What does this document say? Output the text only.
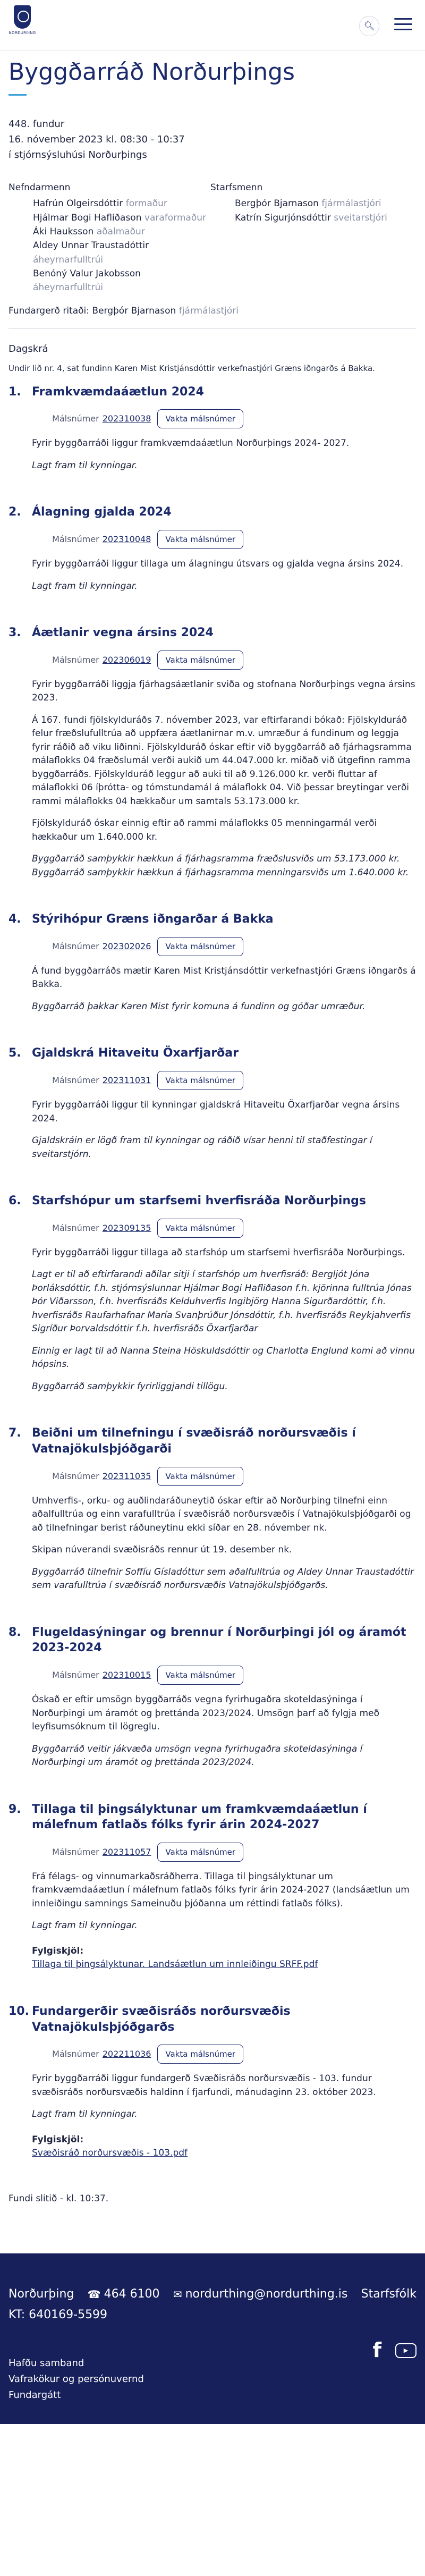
NORÐURÞING
🔍︎
Byggðarráð Norðurþings

448. fundur

16. nóvember 2023 kl. 08:30 - 10:37

í stjórnsýsluhúsi Norðurþings

Nefndarmenn
Hafrún Olgeirsdóttir formaður
Hjálmar Bogi Hafliðason varaformaður
Áki Hauksson aðalmaður
Aldey Unnar Traustadóttir áheyrnarfulltrúi
Benóný Valur Jakobsson áheyrnarfulltrúi
Starfsmenn
Bergþór Bjarnason fjármálastjóri
Katrín Sigurjónsdóttir sveitarstjóri
Fundargerð ritaði: Bergþór Bjarnason fjármálastjóri
Dagskrá
Undir lið nr. 4, sat fundinn Karen Mist Kristjánsdóttir verkefnastjóri Græns iðngarðs á Bakka.
1. Framkvæmdaáætlun 2024
Málsnúmer 202310038	Vakta málsnúmer
Fyrir byggðarráði liggur framkvæmdaáætlun Norðurþings 2024- 2027.
Lagt fram til kynningar.
2. Álagning gjalda 2024
Málsnúmer 202310048	Vakta málsnúmer
Fyrir byggðarráði liggur tillaga um álagningu útsvars og gjalda vegna ársins 2024.
Lagt fram til kynningar.
3. Áætlanir vegna ársins 2024
Málsnúmer 202306019	Vakta málsnúmer
Fyrir byggðarráði liggja fjárhagsáætlanir sviða og stofnana Norðurþings vegna ársins 2023.
Á 167. fundi fjölskylduráðs 7. nóvember 2023, var eftirfarandi bókað: Fjölskylduráð felur fræðslufulltrúa að uppfæra áætlanirnar m.v. umræður á fundinum og leggja fyrir ráðið að viku liðinni. Fjölskylduráð óskar eftir við byggðarráð að fjárhagsramma málaflokks 04 fræðslumál verði aukið um 44.047.000 kr. miðað við útgefinn ramma byggðarráðs. Fjölskylduráð leggur að auki til að 9.126.000 kr. verði fluttar af málaflokki 06 íþrótta- og tómstundamál á málaflokk 04. Við þessar breytingar verði rammi málaflokks 04 hækkaður um samtals 53.173.000 kr.
Fjölskylduráð óskar einnig eftir að rammi málaflokks 05 menningarmál verði hækkaður um 1.640.000 kr.
Byggðarráð samþykkir hækkun á fjárhagsramma fræðslusviðs um 53.173.000 kr. Byggðarráð samþykkir hækkun á fjárhagsramma menningarsviðs um 1.640.000 kr.
4. Stýrihópur Græns iðngarðar á Bakka
Málsnúmer 202302026	Vakta málsnúmer
Á fund byggðarráðs mætir Karen Mist Kristjánsdóttir verkefnastjóri Græns iðngarðs á Bakka.
Byggðarráð þakkar Karen Mist fyrir komuna á fundinn og góðar umræður.
5. Gjaldskrá Hitaveitu Öxarfjarðar
Málsnúmer 202311031	Vakta málsnúmer
Fyrir byggðarráði liggur til kynningar gjaldskrá Hitaveitu Öxarfjarðar vegna ársins 2024.
Gjaldskráin er lögð fram til kynningar og ráðið vísar henni til staðfestingar í sveitarstjórn.
6. Starfshópur um starfsemi hverfisráða Norðurþings
Málsnúmer 202309135	Vakta málsnúmer
Fyrir byggðarráði liggur tillaga að starfshóp um starfsemi hverfisráða Norðurþings.
Lagt er til að eftirfarandi aðilar sitji í starfshóp um hverfisráð: Bergljót Jóna Þorláksdóttir, f.h. stjórnsýslunnar Hjálmar Bogi Hafliðason f.h. kjörinna fulltrúa Jónas Þór Viðarsson, f.h. hverfisráðs Kelduhverfis Ingibjörg Hanna Sigurðardóttir, f.h. hverfisráðs Raufarhafnar María Svanþrúður Jónsdóttir, f.h. hverfisráðs Reykjahverfis Sigríður Þorvaldsdóttir f.h. hverfisráðs Öxarfjarðar
Einnig er lagt til að Nanna Steina Höskuldsdóttir og Charlotta Englund komi að vinnu hópsins.
Byggðarráð samþykkir fyrirliggjandi tillögu.
7. Beiðni um tilnefningu í svæðisráð norðursvæðis í Vatnajökulsþjóðgarði
Málsnúmer 202311035	Vakta málsnúmer
Umhverfis-, orku- og auðlindaráðuneytið óskar eftir að Norðurþing tilnefni einn aðalfulltrúa og einn varafulltrúa í svæðisráð norðursvæðis í Vatnajökulsþjóðgarði og að tilnefningar berist ráðuneytinu ekki síðar en 28. nóvember nk.
Skipan núverandi svæðisráðs rennur út 19. desember nk.
Byggðarráð tilnefnir Soffíu Gísladóttur sem aðalfulltrúa og Aldey Unnar Traustadóttir sem varafulltrúa í svæðisráð norðursvæðis Vatnajökulsþjóðgarðs.
8. Flugeldasýningar og brennur í Norðurþingi jól og áramót 2023-2024
Málsnúmer 202310015	Vakta málsnúmer
Óskað er eftir umsögn byggðarráðs vegna fyrirhugaðra skoteldasýninga í Norðurþingi um áramót og þrettánda 2023/2024. Umsögn þarf að fylgja með leyfisumsóknum til lögreglu.
Byggðarráð veitir jákvæða umsögn vegna fyrirhugaðra skoteldasýninga í Norðurþingi um áramót og þrettánda 2023/2024.
9. Tillaga til þingsályktunar um framkvæmdaáætlun í málefnum fatlaðs fólks fyrir árin 2024-2027
Málsnúmer 202311057	Vakta málsnúmer
Frá félags- og vinnumarkaðsráðherra. Tillaga til þingsályktunar um framkvæmdaáætlun í málefnum fatlaðs fólks fyrir árin 2024-2027 (landsáætlun um innleiðingu samnings Sameinuðu þjóðanna um réttindi fatlaðs fólks).
Lagt fram til kynningar.
Fylgiskjöl:
Tillaga til þingsályktunar. Landsáætlun um innleiðingu SRFF.pdf
10. Fundargerðir svæðisráðs norðursvæðis Vatnajökulsþjóðgarðs
Málsnúmer 202211036	Vakta málsnúmer
Fyrir byggðarráði liggur fundargerð Svæðisráðs norðursvæðis - 103. fundur svæðisráðs norðursvæðis haldinn í fjarfundi, mánudaginn 23. október 2023.
Lagt fram til kynningar.
Fylgiskjöl:
Svæðisráð norðursvæðis - 103.pdf
Fundi slitið - kl. 10:37.
Norðurþing ☎ 464 6100 ✉ nordurthing@nordurthing.is Starfsfólk
KT: 640169-5599
Hafðu samband
Vafrakökur og persónuvernd
Fundargátt
f	▶
